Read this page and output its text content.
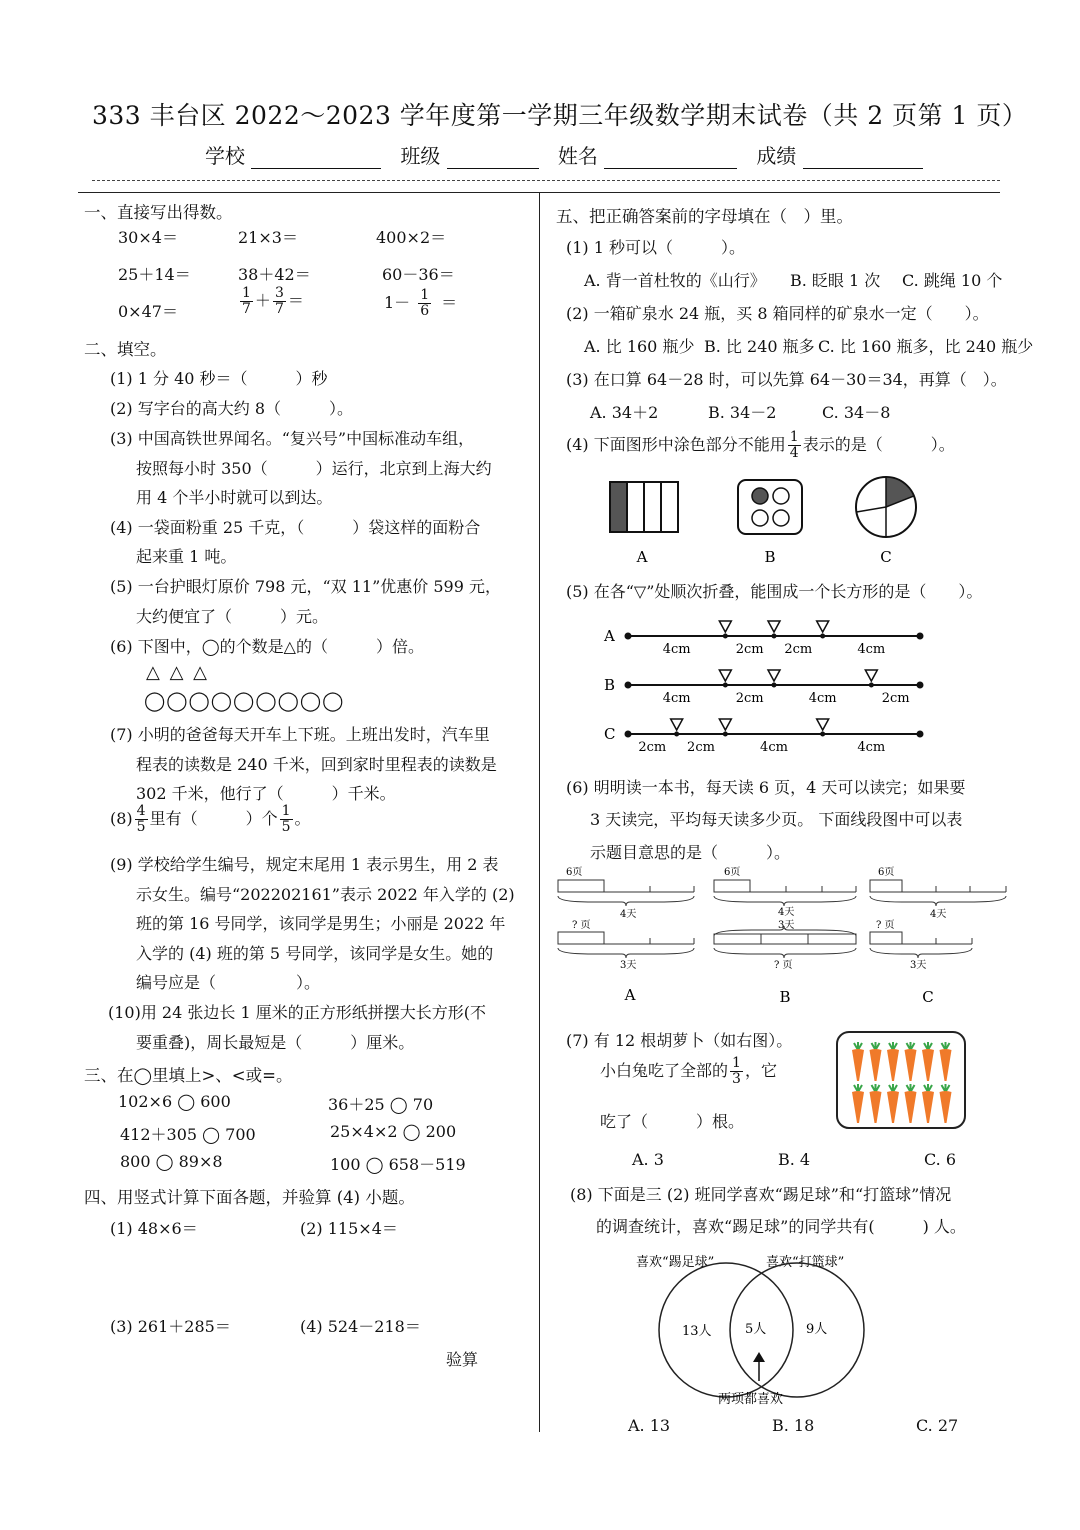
333 丰台区 2022～2023 学年度第一学期三年级数学期末试卷（共 2 页第 1 页）
学校	班级	姓名	成绩
一、直接写出得数。
30×4＝	21×3＝	400×2＝
25＋14＝	38＋42＝	60－36＝
0×47＝	$\frac{1}{7} + \frac{3}{7}$ ＝	$1- \frac{1}{6}$ ＝
二、填空。
(1) 1 分 40 秒＝（　　　）秒
(2) 写字台的高大约 8（　　　）。
(3) 中国高铁世界闻名。“复兴号”中国标准动车组，
按照每小时 350（　　　）运行，北京到上海大约
用 4 个半小时就可以到达。
(4) 一袋面粉重 25 千克，（　　　）袋这样的面粉合
起来重 1 吨。
(5) 一台护眼灯原价 798 元，“双 11”优惠价 599 元，
大约便宜了（　　　）元。
(6) 下图中，◯的个数是△的（　　　）倍。
△ △ △
◯◯◯◯◯◯◯◯◯
(7) 小明的爸爸每天开车上下班。上班出发时，汽车里
程表的读数是 240 千米，回到家时里程表的读数是
302 千米，他行了（　　　）千米。
$(8) \frac{4}{5}$ 里有（　　　）个 $\frac{1}{5}$ 。
(9) 学校给学生编号，规定末尾用 1 表示男生，用 2 表
示女生。编号“202202161”表示 2022 年入学的 (2)
班的第 16 号同学，该同学是男生；小丽是 2022 年
入学的 (4) 班的第 5 号同学，该同学是女生。她的
编号应是（　　　　　）。
(10)用 24 张边长 1 厘米的正方形纸拼摆大长方形(不
要重叠)，周长最短是（　　　）厘米。
三、在◯里填上>、<或=。
102×6 ◯ 600	36＋25 ◯ 70
412＋305 ◯ 700	25×4×2 ◯ 200
800 ◯ 89×8	100 ◯ 658－519
四、用竖式计算下面各题，并验算 (4) 小题。
(1) 48×6＝	(2) 115×4＝
(3) 261＋285＝	(4) 524－218＝
验算
五、把正确答案前的字母填在（　）里。
(1) 1 秒可以（　　　）。
A. 背一首杜牧的《山行》 B. 眨眼 1 次 C. 跳绳 10 个
(2) 一箱矿泉水 24 瓶，买 8 箱同样的矿泉水一定（　　）。
A. 比 160 瓶少 B. 比 240 瓶多 C. 比 160 瓶多，比 240 瓶少
(3) 在口算 64－28 时，可以先算 64－30＝34，再算（　）。
A. 34＋2	B. 34－2	C. 34－8
(4) 下面图形中涂色部分不能用 $\frac{1}{4}$ 表示的是（　　　）。
A	B	C
(5) 在各“▽”处顺次折叠，能围成一个长方形的是（　　）。
A
4cm	2cm 2cm	4cm
B
4cm	2cm	4cm	2cm
C
2cm 2cm	4cm	4cm
(6) 明明读一本书，每天读 6 页，4 天可以读完；如果要
3 天读完，平均每天读多少页。 下面线段图中可以表
示题目意思的是（　　　）。
6页
4天
? 页
3天
6页
4天
3天
? 页
6页
4天
? 页
3天
A	B	C
(7) 有 12 根胡萝卜（如右图）。
小白兔吃了全部的 $\frac{1}{3}$ ，它
吃了（　　　）根。
A. 3	B. 4	C. 6
(8) 下面是三 (2) 班同学喜欢“踢足球”和“打篮球”情况
的调查统计，喜欢“踢足球”的同学共有(　　　) 人。
喜欢“踢足球”	喜欢“打篮球”
13人	5人	9人
两项都喜欢
A. 13	B. 18	C. 27
